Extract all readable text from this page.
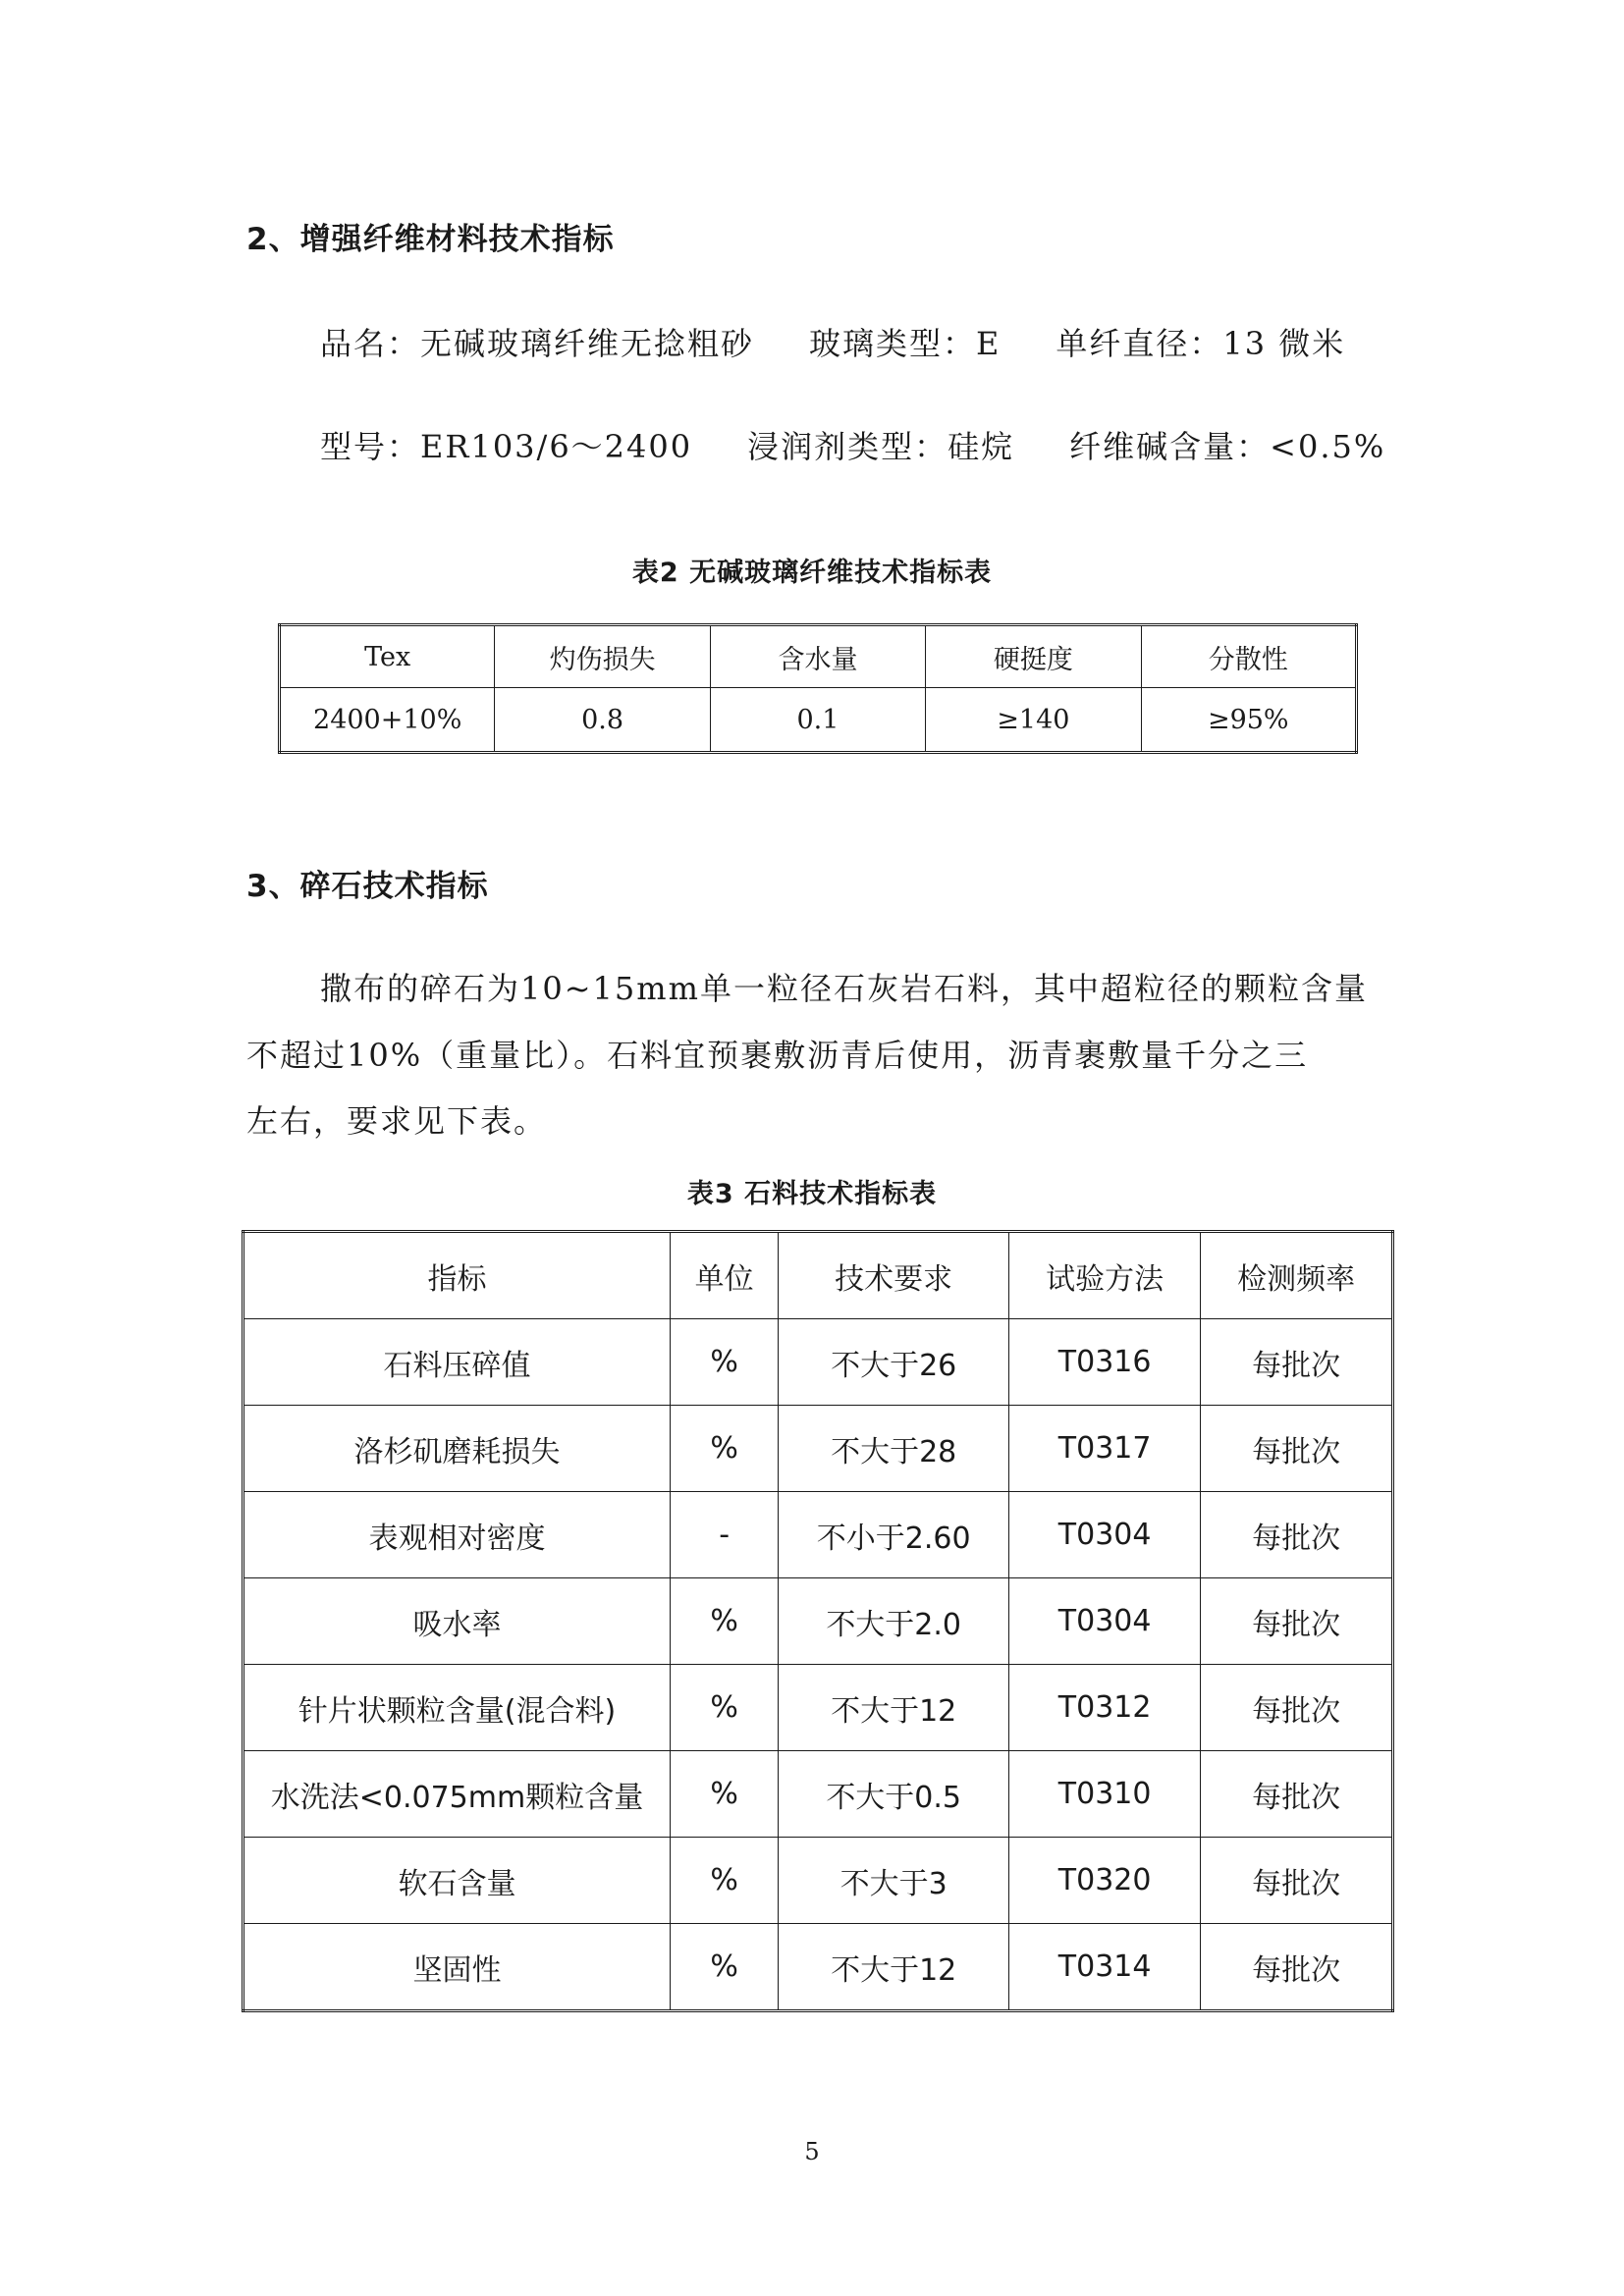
2、增强纤维材料技术指标
品名：无碱玻璃纤维无捻粗砂 玻璃类型：E 单纤直径：13 微米
型号：ER103/6～2400 浸润剂类型：硅烷 纤维碱含量：<0.5%
表2 无碱玻璃纤维技术指标表
Tex	灼伤损失	含水量	硬挺度	分散性
2400+10%	0.8	0.1	≥140	≥95%
3、碎石技术指标
撒布的碎石为10~15mm单一粒径石灰岩石料，其中超粒径的颗粒含量
不超过10%（重量比）。石料宜预裹敷沥青后使用，沥青裹敷量千分之三
左右，要求见下表。
表3 石料技术指标表
指标	单位	技术要求	试验方法	检测频率
石料压碎值	%	不大于26	T0316	每批次
洛杉矶磨耗损失	%	不大于28	T0317	每批次
表观相对密度	-	不小于2.60	T0304	每批次
吸水率	%	不大于2.0	T0304	每批次
针片状颗粒含量(混合料)	%	不大于12	T0312	每批次
水洗法<0.075mm颗粒含量	%	不大于0.5	T0310	每批次
软石含量	%	不大于3	T0320	每批次
坚固性	%	不大于12	T0314	每批次
5
